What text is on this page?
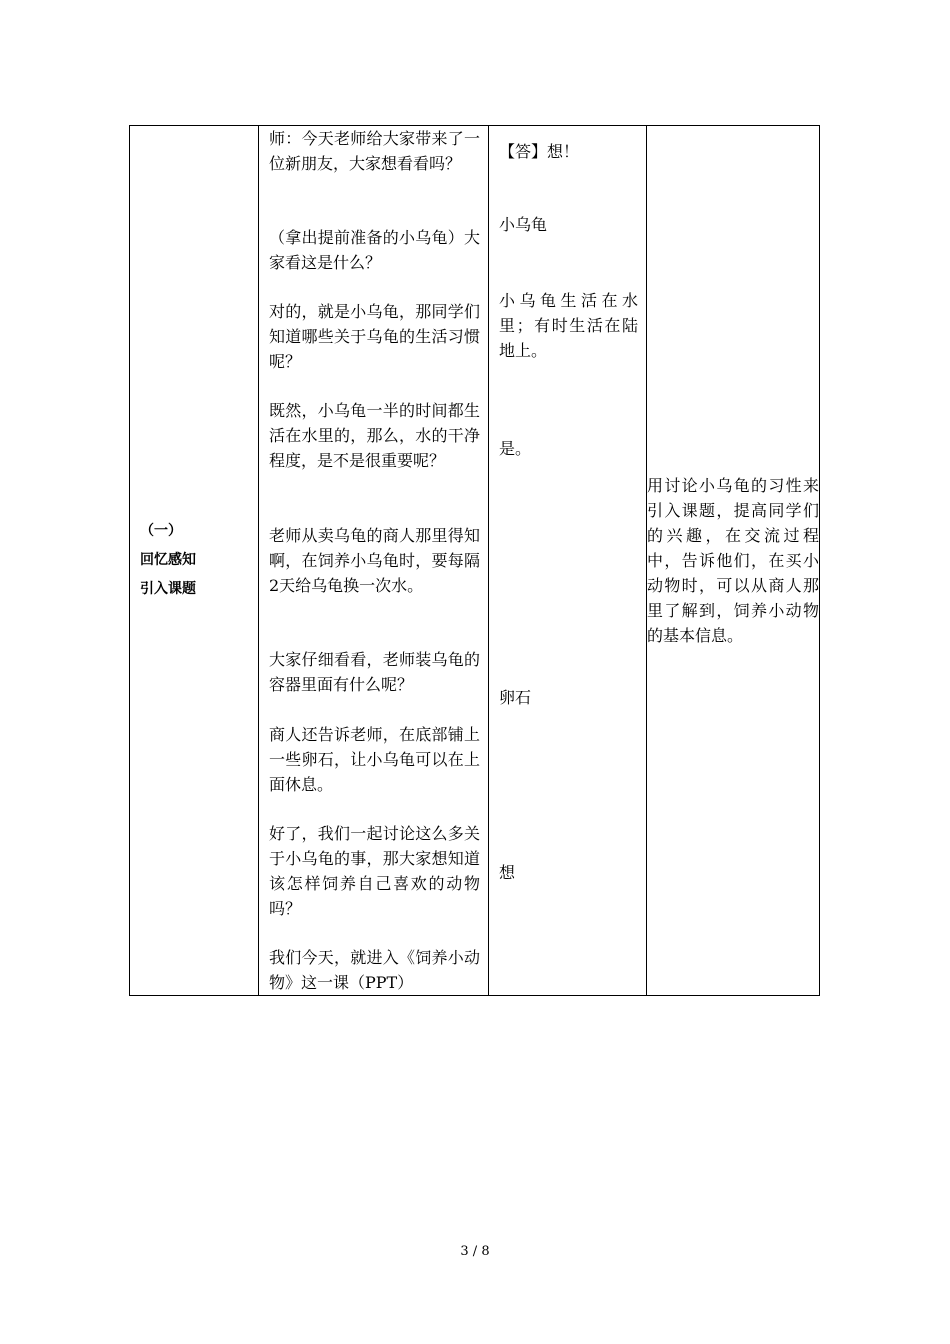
（一）
回忆感知
引入课题

师：今天老师给大家带来了一位新朋友，大家想看看吗？
（拿出提前准备的小乌龟）大家看这是什么？
对的，就是小乌龟，那同学们知道哪些关于乌龟的生活习惯呢？
既然，小乌龟一半的时间都生活在水里的，那么，水的干净程度，是不是很重要呢？
老师从卖乌龟的商人那里得知啊，在饲养小乌龟时，要每隔2天给乌龟换一次水。
大家仔细看看，老师装乌龟的容器里面有什么呢？
商人还告诉老师，在底部铺上一些卵石，让小乌龟可以在上面休息。
好了，我们一起讨论这么多关于小乌龟的事，那大家想知道该怎样饲养自己喜欢的动物吗？
我们今天，就进入《饲养小动物》这一课（PPT）

【答】想！
小乌龟
小乌龟生活在水里；有时生活在陆地上。
是。
卵石
想

用讨论小乌龟的习性来引入课题，提高同学们的兴趣，在交流过程中，告诉他们，在买小动物时，可以从商人那里了解到，饲养小动物的基本信息。
3 / 8
